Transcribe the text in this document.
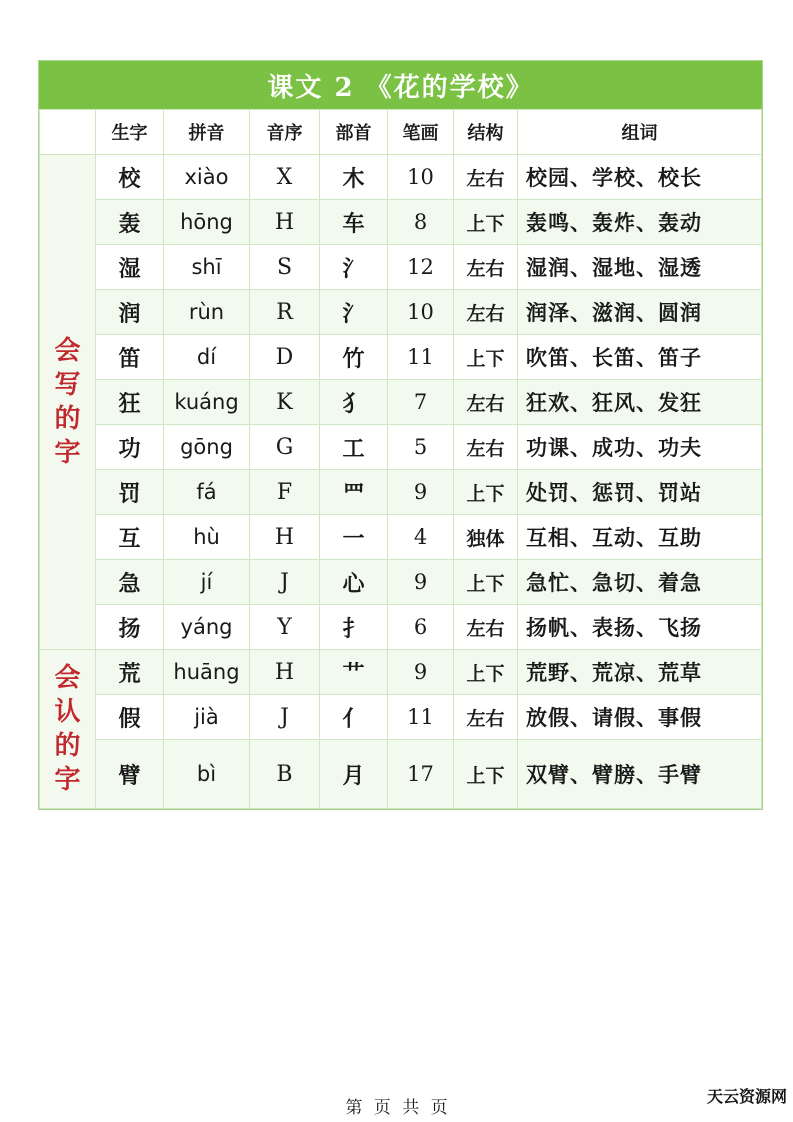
课文 2 《花的学校》
	生字	拼音	音序	部首	笔画	结构	组词
会写的字	校	xiào	X	木	10	左右	校园、学校、校长
	轰	hōng	H	车	8	上下	轰鸣、轰炸、轰动
	湿	shī	S	氵	12	左右	湿润、湿地、湿透
	润	rùn	R	氵	10	左右	润泽、滋润、圆润
	笛	dí	D	竹	11	上下	吹笛、长笛、笛子
	狂	kuáng	K	犭	7	左右	狂欢、狂风、发狂
	功	gōng	G	工	5	左右	功课、成功、功夫
	罚	fá	F	罒	9	上下	处罚、惩罚、罚站
	互	hù	H	一	4	独体	互相、互动、互助
	急	jí	J	心	9	上下	急忙、急切、着急
	扬	yáng	Y	扌	6	左右	扬帆、表扬、飞扬
会认的字	荒	huāng	H	艹	9	上下	荒野、荒凉、荒草
	假	jià	J	亻	11	左右	放假、请假、事假
	臂	bì	B	月	17	上下	双臂、臂膀、手臂
第 页 共 页
天云资源网
